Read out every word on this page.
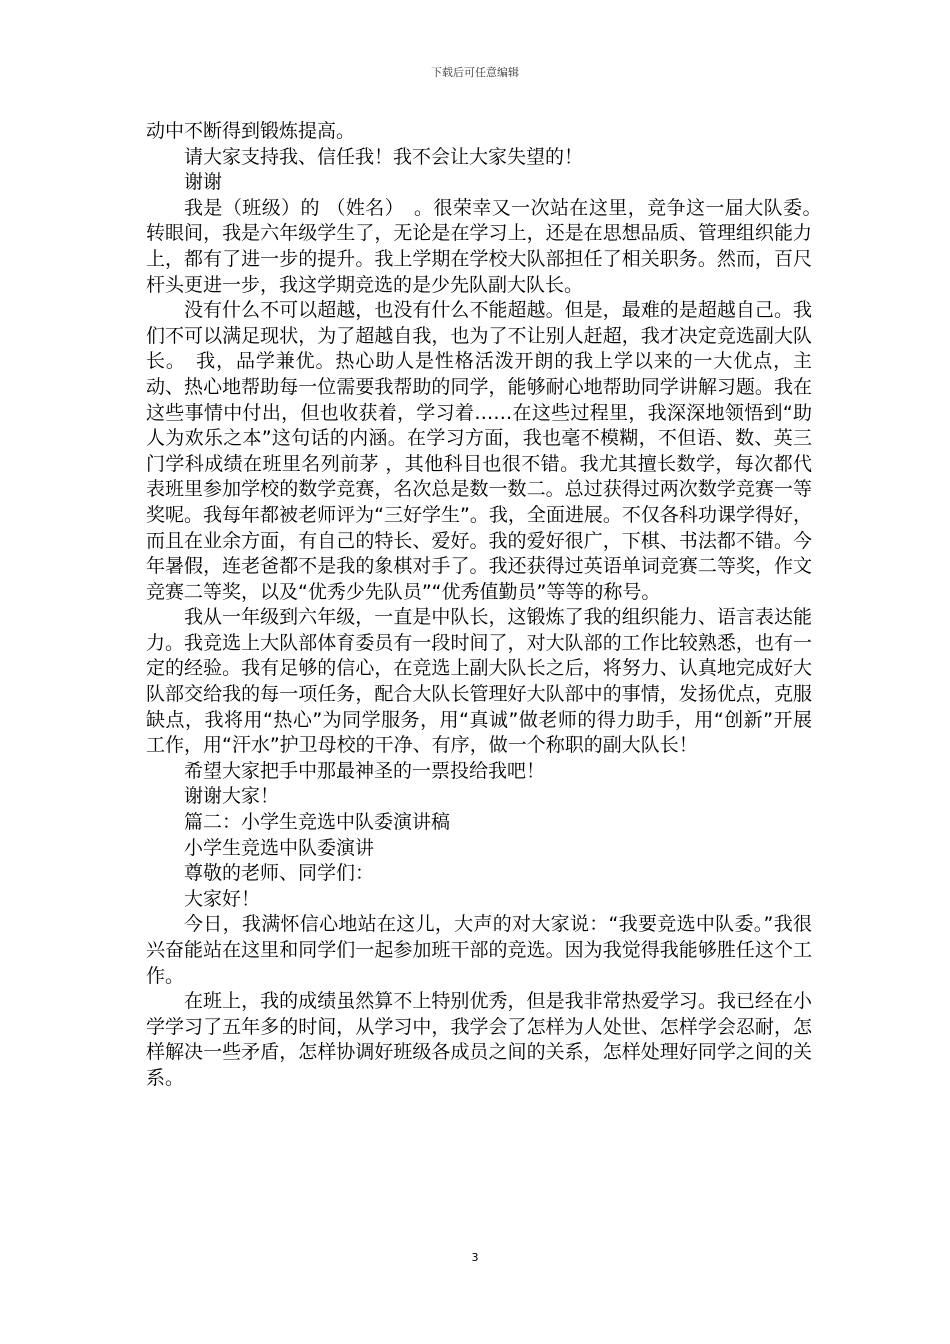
下载后可任意编辑

动中不断得到锻炼提高。

请大家支持我、信任我！我不会让大家失望的！

谢谢

我是（班级）的 （姓名）　。很荣幸又一次站在这里，竞争这一届大队委。　转眼间，我是六年级学生了，无论是在学习上，还是在思想品质、管理组织能力上，都有了进一步的提升。我上学期在学校大队部担任了相关职务。然而，百尺杆头更进一步，我这学期竞选的是少先队副大队长。

没有什么不可以超越，也没有什么不能超越。但是，最难的是超越自己。我们不可以满足现状，为了超越自我，也为了不让别人赶超，我才决定竞选副大队长。　我，品学兼优。热心助人是性格活泼开朗的我上学以来的一大优点，主动、热心地帮助每一位需要我帮助的同学，能够耐心地帮助同学讲解习题。我在这些事情中付出，但也收获着，学习着……在这些过程里，我深深地领悟到“助人为欢乐之本”这句话的内涵。在学习方面，我也毫不模糊，不但语、数、英三门学科成绩在班里名列前茅 ，其他科目也很不错。我尤其擅长数学，每次都代表班里参加学校的数学竞赛，名次总是数一数二。总过获得过两次数学竞赛一等奖呢。我每年都被老师评为“三好学生”。我，全面进展。不仅各科功课学得好，而且在业余方面，有自己的特长、爱好。我的爱好很广，下棋、书法都不错。今年暑假，连老爸都不是我的象棋对手了。我还获得过英语单词竞赛二等奖，作文竞赛二等奖，以及“优秀少先队员”“优秀值勤员”等等的称号。

我从一年级到六年级，一直是中队长，这锻炼了我的组织能力、语言表达能力。我竞选上大队部体育委员有一段时间了，对大队部的工作比较熟悉，也有一定的经验。我有足够的信心，在竞选上副大队长之后，将努力、认真地完成好大队部交给我的每一项任务，配合大队长管理好大队部中的事情，发扬优点，克服缺点，我将用“热心”为同学服务，用“真诚”做老师的得力助手，用“创新”开展工作，用“汗水”护卫母校的干净、有序，做一个称职的副大队长！

希望大家把手中那最神圣的一票投给我吧！

谢谢大家！

篇二：小学生竞选中队委演讲稿

小学生竞选中队委演讲

尊敬的老师、同学们：

大家好！

今日，我满怀信心地站在这儿，大声的对大家说：“我要竞选中队委。”我很兴奋能站在这里和同学们一起参加班干部的竞选。因为我觉得我能够胜任这个工作。

在班上，我的成绩虽然算不上特别优秀，但是我非常热爱学习。我已经在小学学习了五年多的时间，从学习中，我学会了怎样为人处世、怎样学会忍耐，怎样解决一些矛盾，怎样协调好班级各成员之间的关系，怎样处理好同学之间的关系。

3
